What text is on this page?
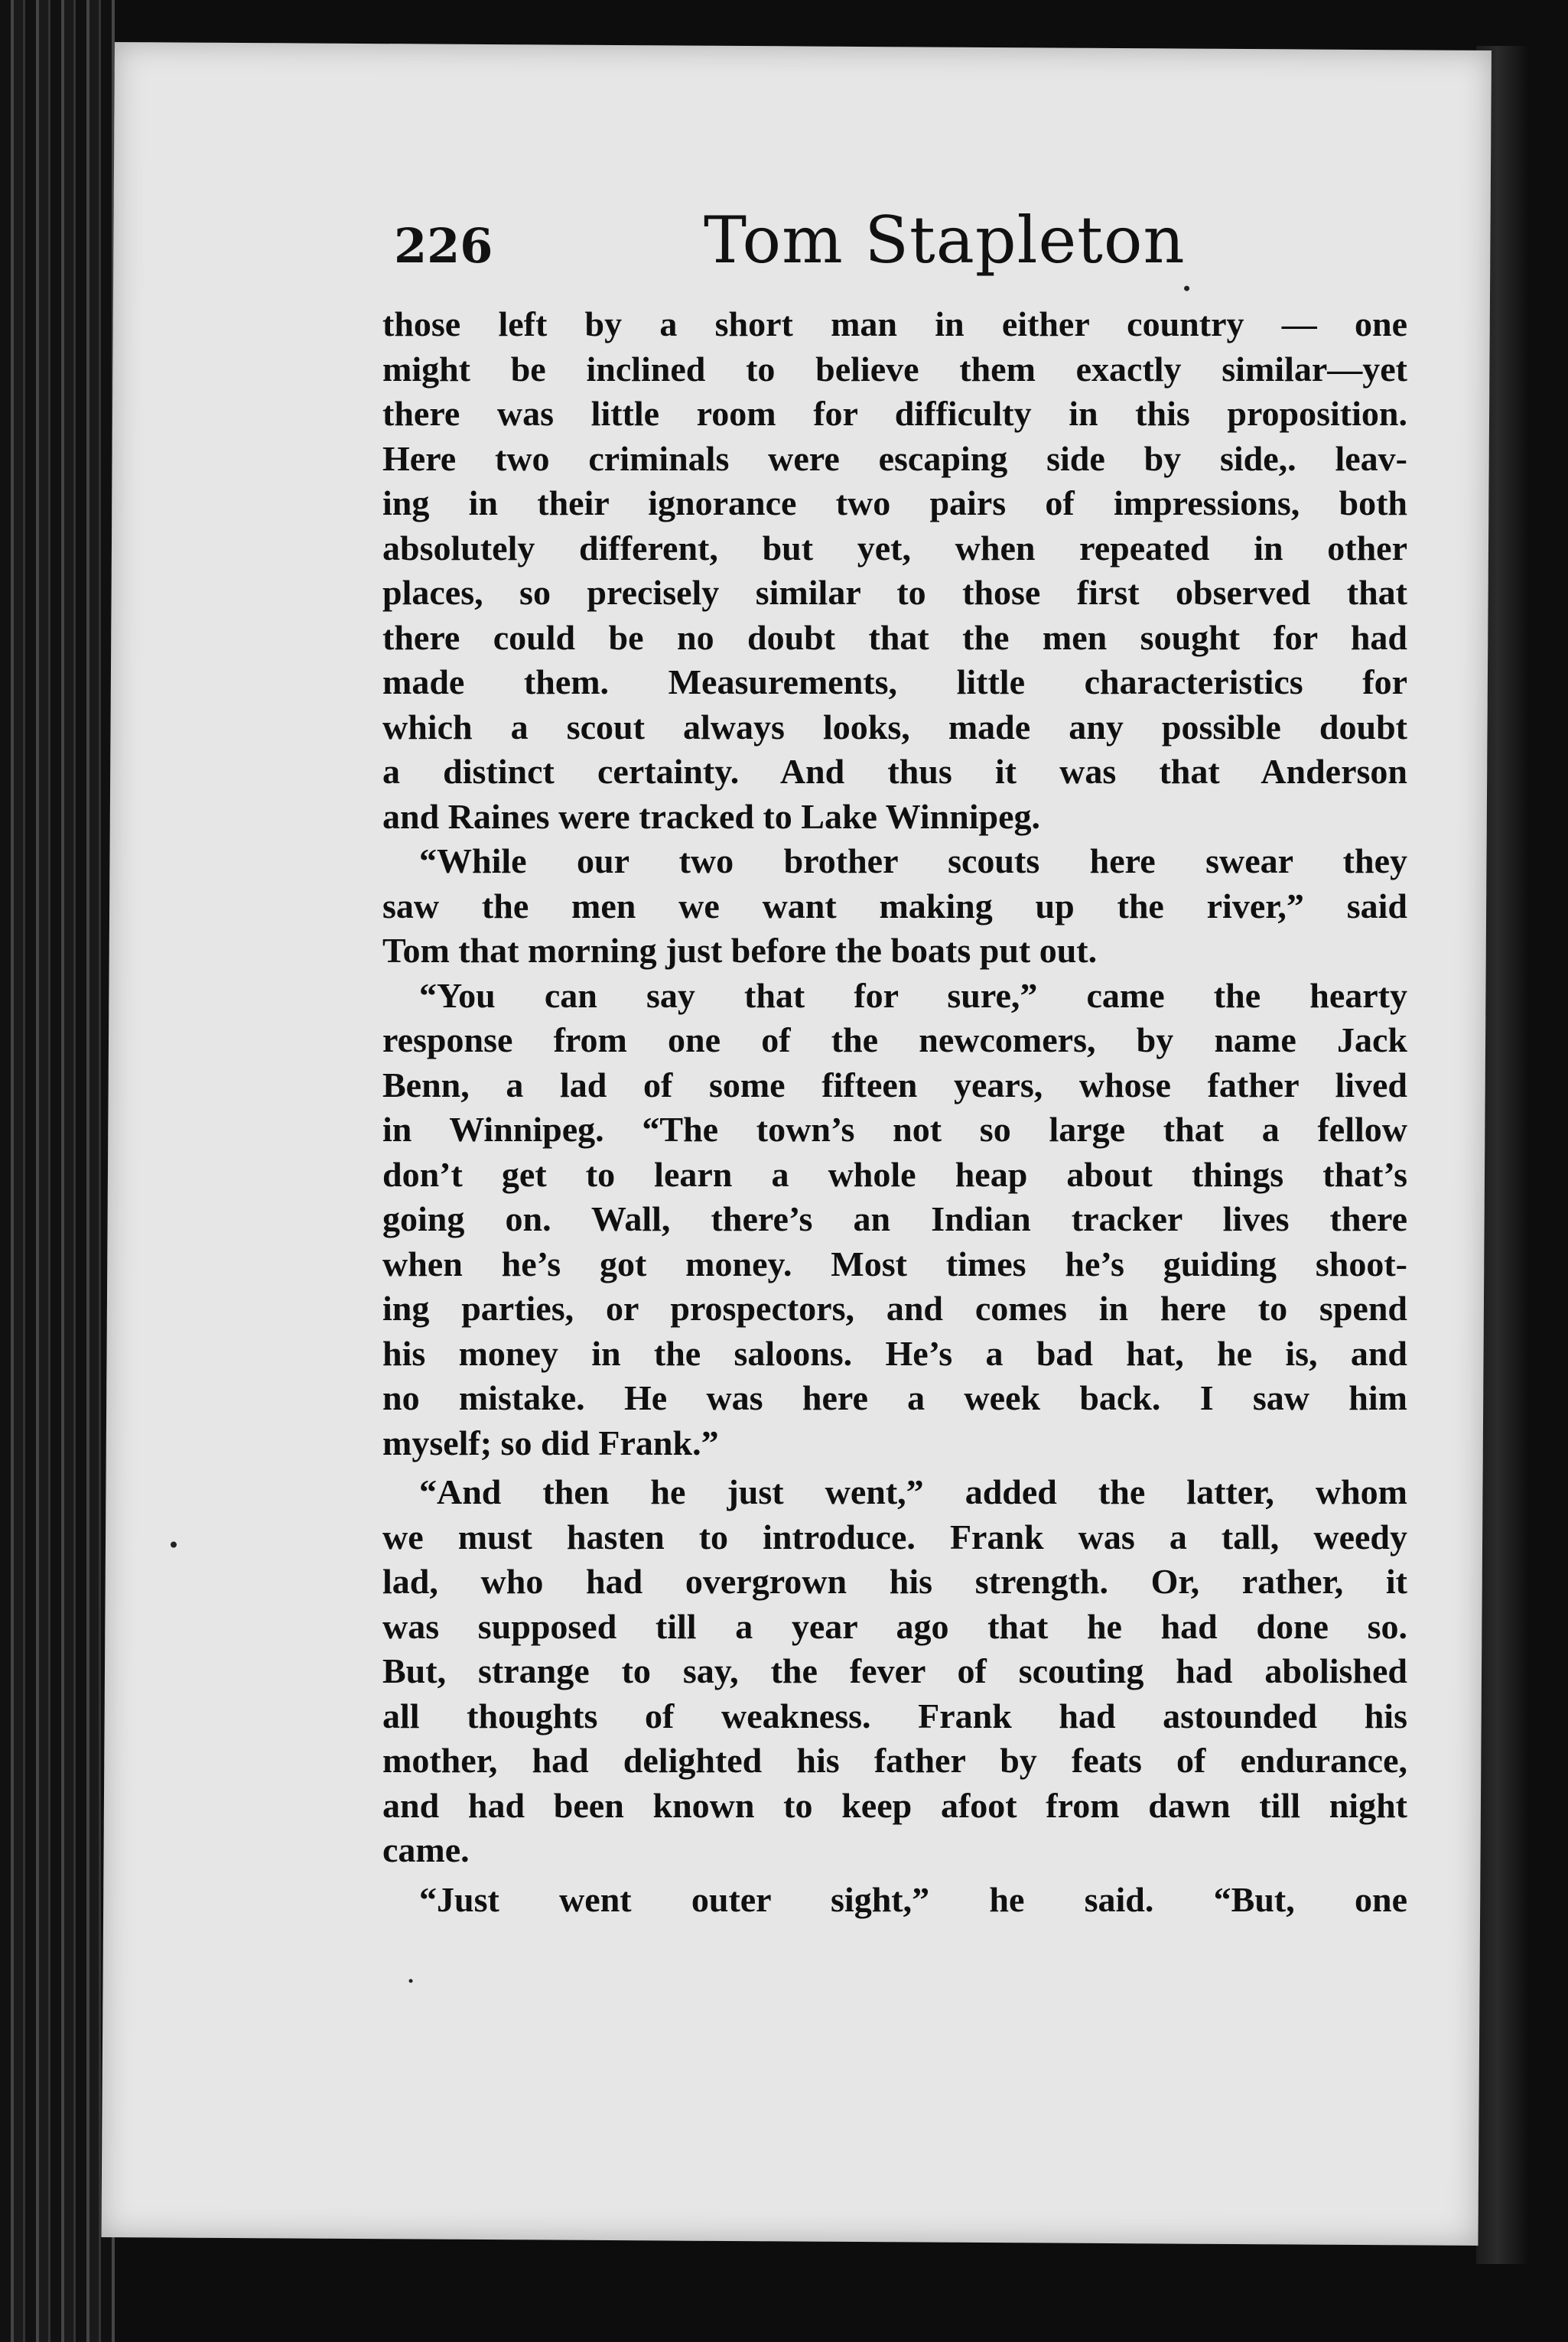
226	Tom Stapleton
those left by a short man in either country — one
might be inclined to believe them exactly similar—yet
there was little room for difficulty in this proposition.
Here two criminals were escaping side by side,. leav-
ing in their ignorance two pairs of impressions, both
absolutely different, but yet, when repeated in other
places, so precisely similar to those first observed that
there could be no doubt that the men sought for had
made them. Measurements, little characteristics for
which a scout always looks, made any possible doubt
a distinct certainty. And thus it was that Anderson
and Raines were tracked to Lake Winnipeg.
“While our two brother scouts here swear they
saw the men we want making up the river,” said
Tom that morning just before the boats put out.
“You can say that for sure,” came the hearty
response from one of the newcomers, by name Jack
Benn, a lad of some fifteen years, whose father lived
in Winnipeg. “The town’s not so large that a fellow
don’t get to learn a whole heap about things that’s
going on. Wall, there’s an Indian tracker lives there
when he’s got money. Most times he’s guiding shoot-
ing parties, or prospectors, and comes in here to spend
his money in the saloons. He’s a bad hat, he is, and
no mistake. He was here a week back. I saw him
myself; so did Frank.”
“And then he just went,” added the latter, whom
we must hasten to introduce. Frank was a tall, weedy
lad, who had overgrown his strength. Or, rather, it
was supposed till a year ago that he had done so.
But, strange to say, the fever of scouting had abolished
all thoughts of weakness. Frank had astounded his
mother, had delighted his father by feats of endurance,
and had been known to keep afoot from dawn till night
came.
“Just went outer sight,” he said. “But, one
